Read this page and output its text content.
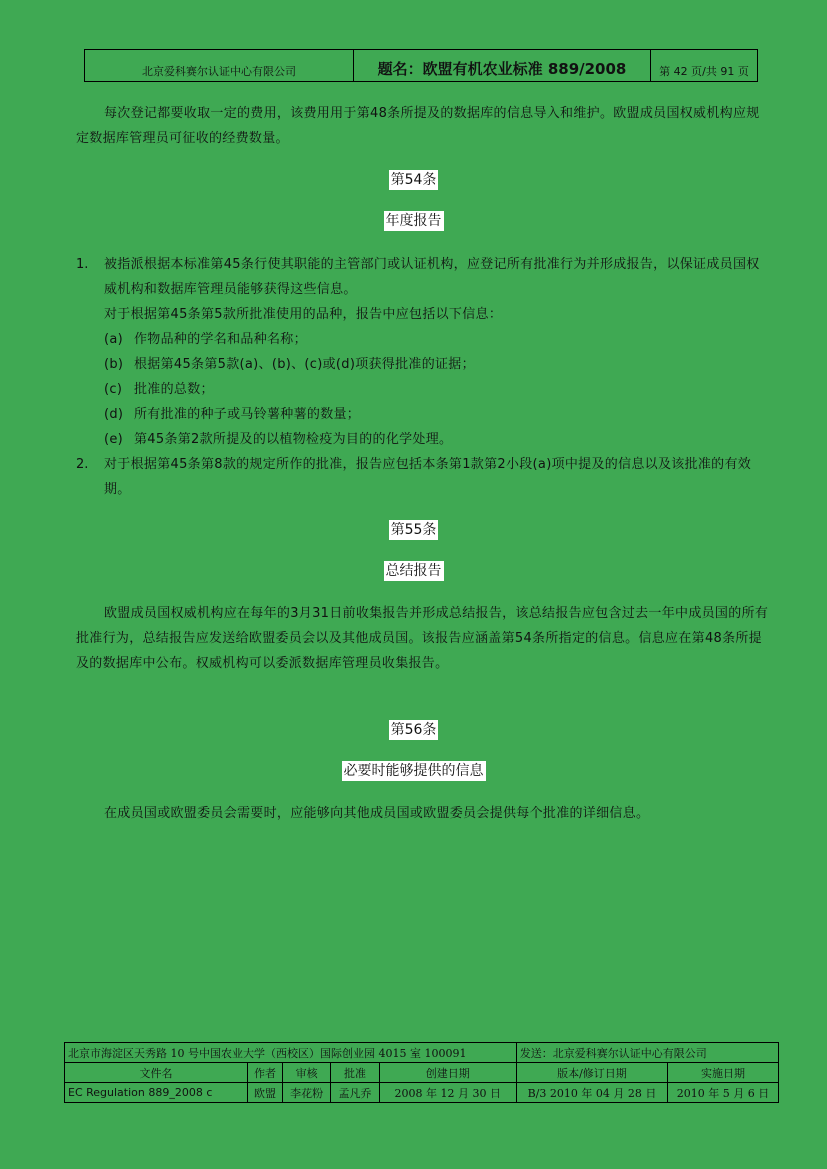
北京爱科赛尔认证中心有限公司	题名：欧盟有机农业标准 889/2008	第 42 页/共 91 页
每次登记都要收取一定的费用，该费用用于第48条所提及的数据库的信息导入和维护。欧盟成员国权威机构应规定数据库管理员可征收的经费数量。
第54条
年度报告
1. 被指派根据本标准第45条行使其职能的主管部门或认证机构，应登记所有批准行为并形成报告，以保证成员国权威机构和数据库管理员能够获得这些信息。
对于根据第45条第5款所批准使用的品种，报告中应包括以下信息：
(a) 作物品种的学名和品种名称；
(b) 根据第45条第5款(a)、(b)、(c)或(d)项获得批准的证据；
(c) 批准的总数；
(d) 所有批准的种子或马铃薯种薯的数量；
(e) 第45条第2款所提及的以植物检疫为目的的化学处理。
2. 对于根据第45条第8款的规定所作的批准，报告应包括本条第1款第2小段(a)项中提及的信息以及该批准的有效期。
第55条
总结报告
欧盟成员国权威机构应在每年的3月31日前收集报告并形成总结报告，该总结报告应包含过去一年中成员国的所有批准行为，总结报告应发送给欧盟委员会以及其他成员国。该报告应涵盖第54条所指定的信息。信息应在第48条所提及的数据库中公布。权威机构可以委派数据库管理员收集报告。
第56条
必要时能够提供的信息
在成员国或欧盟委员会需要时，应能够向其他成员国或欧盟委员会提供每个批准的详细信息。
北京市海淀区天秀路 10 号中国农业大学（西校区）国际创业园 4015 室 100091					发送：北京爱科赛尔认证中心有限公司	
文件名	作者	审核	批准	创建日期	版本/修订日期	实施日期
EC Regulation 889_2008 c	欧盟	李花粉	孟凡乔	2008 年 12 月 30 日	B/3 2010 年 04 月 28 日	2010 年 5 月 6 日
